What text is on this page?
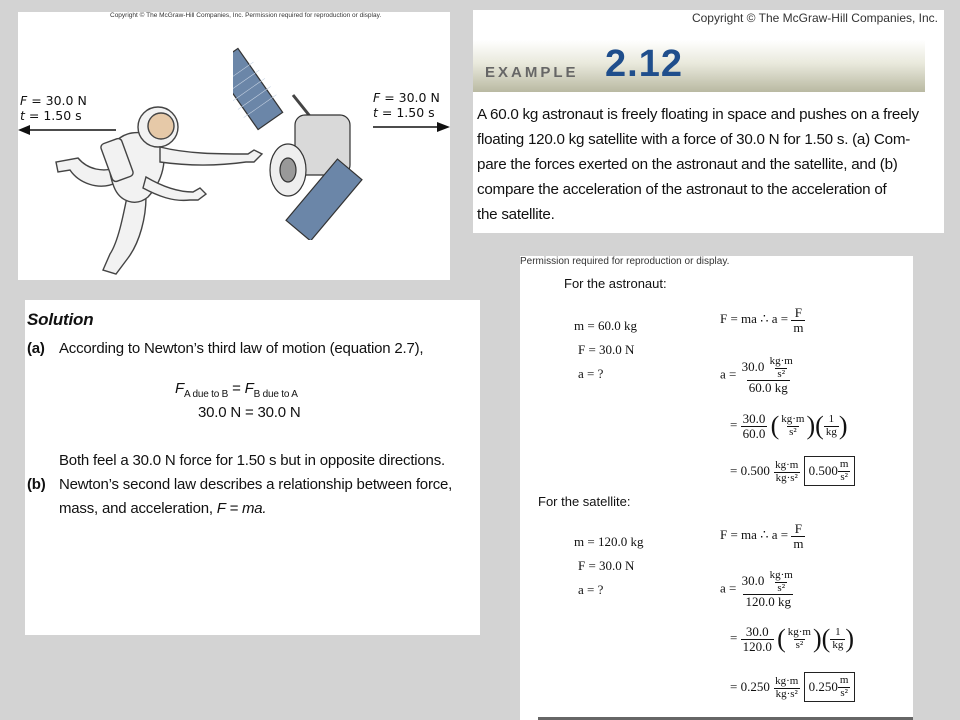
Copyright © The McGraw-Hill Companies, Inc. Permission required for reproduction or display.
F = 30.0 N
t = 1.50 s
F = 30.0 N
t = 1.50 s
Copyright © The McGraw-Hill Companies, Inc.
EXAMPLE 2.12
A 60.0 kg astronaut is freely floating in space and pushes on a freely
floating 120.0 kg satellite with a force of 30.0 N for 1.50 s. (a) Com-
pare the forces exerted on the astronaut and the satellite, and (b)
compare the acceleration of the astronaut to the acceleration of
the satellite.
Solution
(a) According to Newton’s third law of motion (equation 2.7),
$F_{A due to B} = F_{B due to A}$
30.0 N = 30.0 N
Both feel a 30.0 N force for 1.50 s but in opposite directions.
(b) Newton’s second law describes a relationship between force,
mass, and acceleration, F = ma.
Permission required for reproduction or display.
For the astronaut:
m = 60.0 kg
F = 30.0 N
a = ?
F = ma ∴ $a = \frac{F}{m}$
$a = \frac{30.0 \frac{kg\cdot m}{\text{s²}}}{60.0 kg}$
= $\frac{30.0}{60.0}$ ( $\frac{kg\cdot m}{\text{s²}}$ )( $\frac{1}{kg}$ )
= $0.500 \frac{kg\cdot m}{\text{kg·s²}}$
$0.500 \frac{m}{\text{s²}}$
For the satellite:
m = 120.0 kg
F = 30.0 N
a = ?
F = ma ∴ $a = \frac{F}{m}$
$a = \frac{30.0 \frac{kg\cdot m}{\text{s²}}}{120.0 kg}$
= $\frac{30.0}{120.0}$ ( $\frac{kg\cdot m}{\text{s²}}$ )( $\frac{1}{kg}$ )
= $0.250 \frac{kg\cdot m}{\text{kg·s²}}$
$0.250 \frac{m}{\text{s²}}$
